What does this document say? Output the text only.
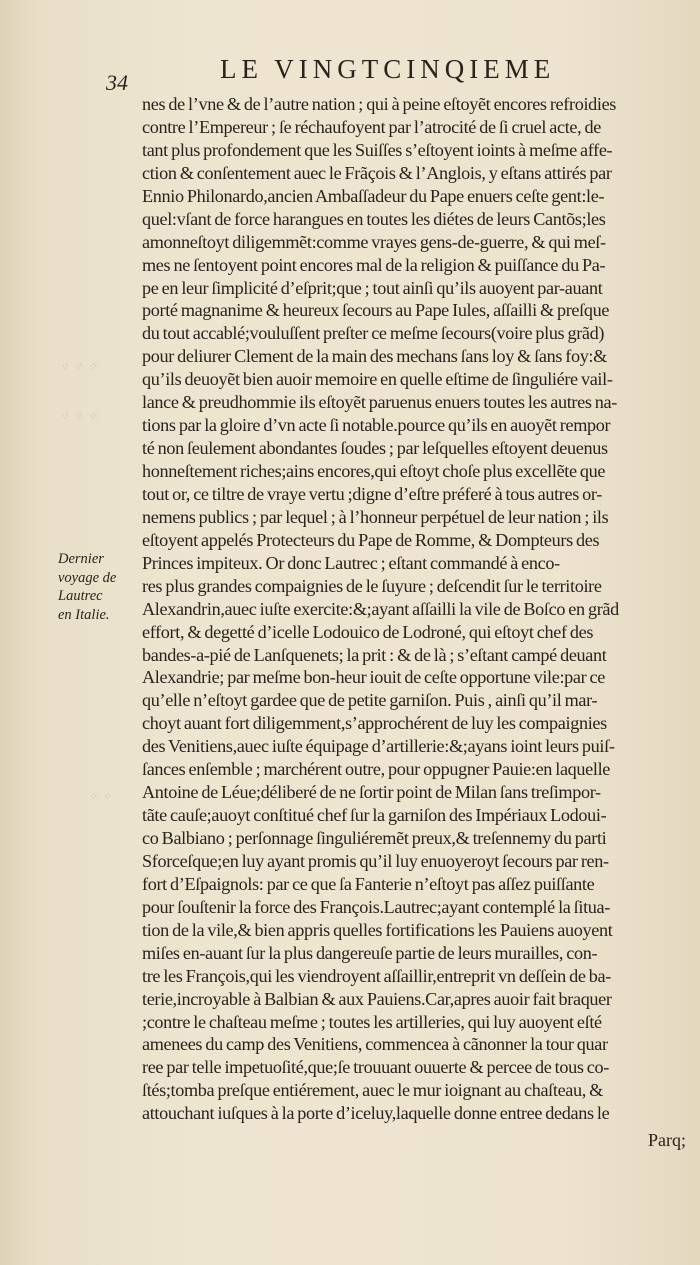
34	LE VINGTCINQIEME
Dernier
voyage de
Lautrec
en Italie.
⁘ ⁘ ⁘
⁘ ⁘ ⁘
⁘ ⁘
nes de l’vne & de l’autre nation ; qui à peine eſtoyẽt encores refroidies
contre l’Empereur ; ſe réchaufoyent par l’atrocité de ſi cruel acte, de
tant plus profondement que les Suiſſes s’eſtoyent ioints à meſme affe-
ction & conſentement auec le Frãçois & l’Anglois, y eſtans attirés par
Ennio Philonardo,ancien Ambaſſadeur du Pape enuers ceſte gent:le-
quel:vſant de force harangues en toutes les diétes de leurs Cantõs;les
amonneſtoyt diligemmẽt:comme vrayes gens-de-guerre, & qui meſ-
mes ne ſentoyent point encores mal de la religion & puiſſance du Pa-
pe en leur ſimplicité d’eſprit;que ; tout ainſi qu’ils auoyent par-auant
porté magnanime & heureux ſecours au Pape Iules, aſſailli & preſque
du tout accablé;vouluſſent preſter ce meſme ſecours(voire plus grãd)
pour deliurer Clement de la main des mechans ſans loy & ſans foy:&
qu’ils deuoyẽt bien auoir memoire en quelle eſtime de ſinguliére vail-
lance & preudhommie ils eſtoyẽt paruenus enuers toutes les autres na-
tions par la gloire d’vn acte ſi notable.pource qu’ils en auoyẽt rempor
té non ſeulement abondantes ſoudes ; par leſquelles eſtoyent deuenus
honneſtement riches;ains encores,qui eſtoyt choſe plus excellẽte que
tout or, ce tiltre de vraye vertu ;digne d’eſtre préferé à tous autres or-
nemens publics ; par lequel ; à l’honneur perpétuel de leur nation ; ils
eſtoyent appelés Protecteurs du Pape de Romme, & Dompteurs des
Princes impiteux. Or donc Lautrec ; eſtant commandé à enco-
res plus grandes compaignies de le ſuyure ; deſcendit ſur le territoire
Alexandrin,auec iuſte exercite:&;ayant aſſailli la vile de Boſco en grãd
effort, & degetté d’icelle Lodouico de Lodroné, qui eſtoyt chef des
bandes-a-pié de Lanſquenets; la prit : & de là ; s’eſtant campé deuant
Alexandrie; par meſme bon-heur iouit de ceſte opportune vile:par ce
qu’elle n’eſtoyt gardee que de petite garniſon. Puis , ainſi qu’il mar-
choyt auant fort diligemment,s’approchérent de luy les compaignies
des Venitiens,auec iuſte équipage d’artillerie:&;ayans ioint leurs puiſ-
ſances enſemble ; marchérent outre, pour oppugner Pauie:en laquelle
Antoine de Léue;déliberé de ne ſortir point de Milan ſans treſimpor-
tãte cauſe;auoyt conſtitué chef ſur la garniſon des Impériaux Lodoui-
co Balbiano ; perſonnage ſinguliéremẽt preux,& treſennemy du parti
Sforceſque;en luy ayant promis qu’il luy enuoyeroyt ſecours par ren-
fort d’Eſpaignols: par ce que ſa Fanterie n’eſtoyt pas aſſez puiſſante
pour ſouſtenir la force des François.Lautrec;ayant contemplé la ſitua-
tion de la vile,& bien appris quelles fortifications les Pauiens auoyent
miſes en-auant ſur la plus dangereuſe partie de leurs murailles, con-
tre les François,qui les viendroyent aſſaillir,entreprit vn deſſein de ba-
terie,incroyable à Balbian & aux Pauiens.Car,apres auoir fait braquer
;contre le chaſteau meſme ; toutes les artilleries, qui luy auoyent eſté
amenees du camp des Venitiens, commencea à cãnonner la tour quar
ree par telle impetuoſité,que;ſe trouuant ouuerte & percee de tous co-
ſtés;tomba preſque entiérement, auec le mur ioignant au chaſteau, &
attouchant iuſques à la porte d’iceluy,laquelle donne entree dedans le
Parq;
